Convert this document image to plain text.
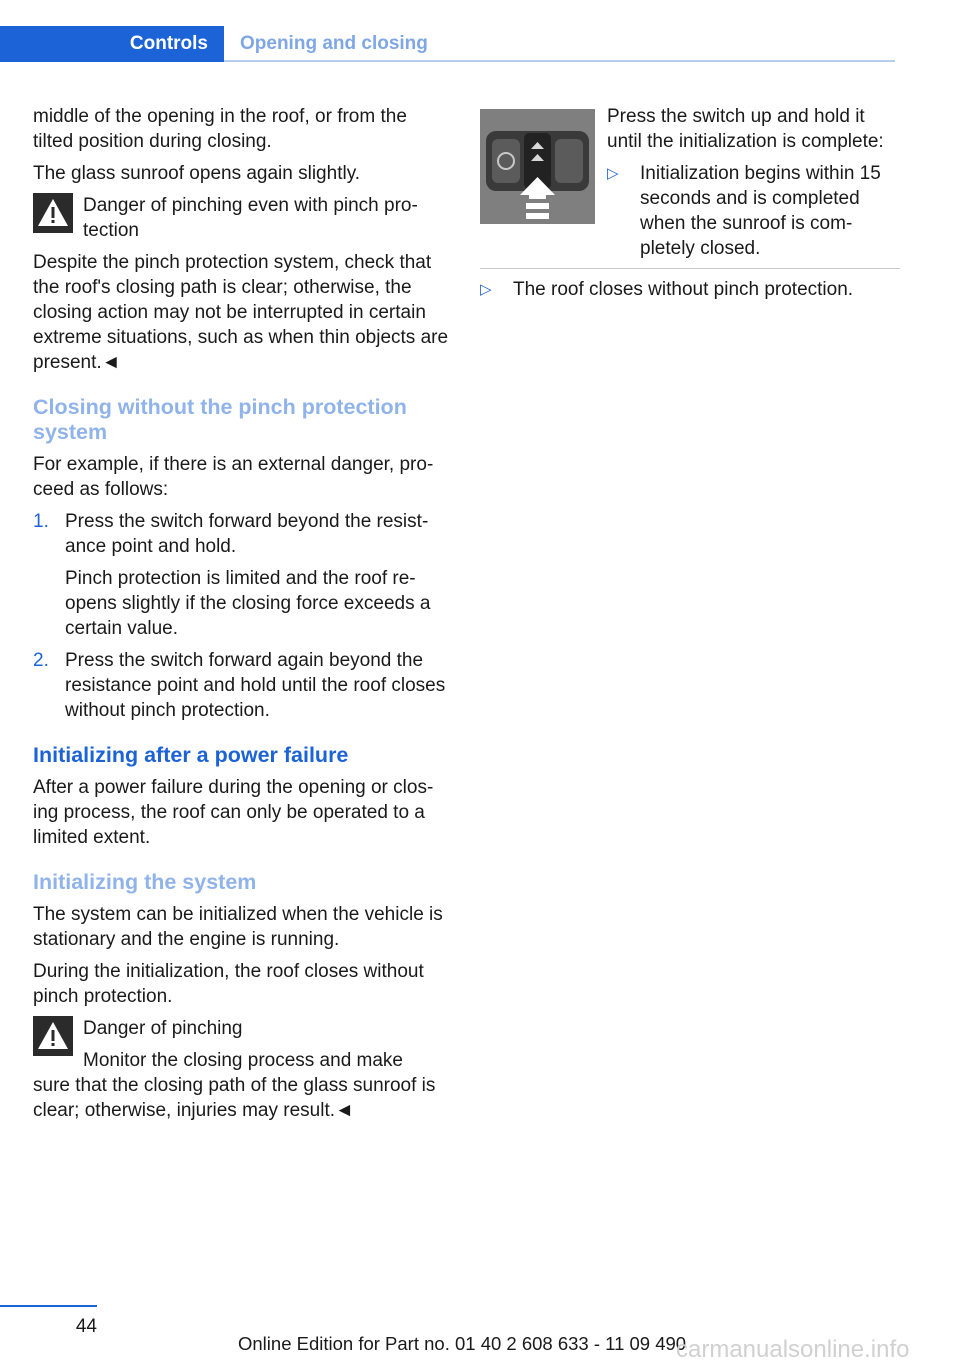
Controls	Opening and closing

middle of the opening in the roof, or from the tilted position during closing.

The glass sunroof opens again slightly.

Danger of pinching even with pinch protection

Despite the pinch protection system, check that the roof's closing path is clear; otherwise, the closing action may not be interrupted in certain extreme situations, such as when thin objects are present.◄

Closing without the pinch protection system

For example, if there is an external danger, proceed as follows:

1. Press the switch forward beyond the resistance point and hold.
Pinch protection is limited and the roof reopens slightly if the closing force exceeds a certain value.
2. Press the switch forward again beyond the resistance point and hold until the roof closes without pinch protection.
Initializing after a power failure

After a power failure during the opening or closing process, the roof can only be operated to a limited extent.

Initializing the system

The system can be initialized when the vehicle is stationary and the engine is running.

During the initialization, the roof closes without pinch protection.

Danger of pinching
Monitor the closing process and make

sure that the closing path of the glass sunroof is clear; otherwise, injuries may result.◄

Press the switch up and hold it until the initialization is complete:

▷ Initialization begins within 15 seconds and is completed when the sunroof is completely closed.
▷ The roof closes without pinch protection.
44
Online Edition for Part no. 01 40 2 608 633 - 11 09 490
carmanualsonline.info
